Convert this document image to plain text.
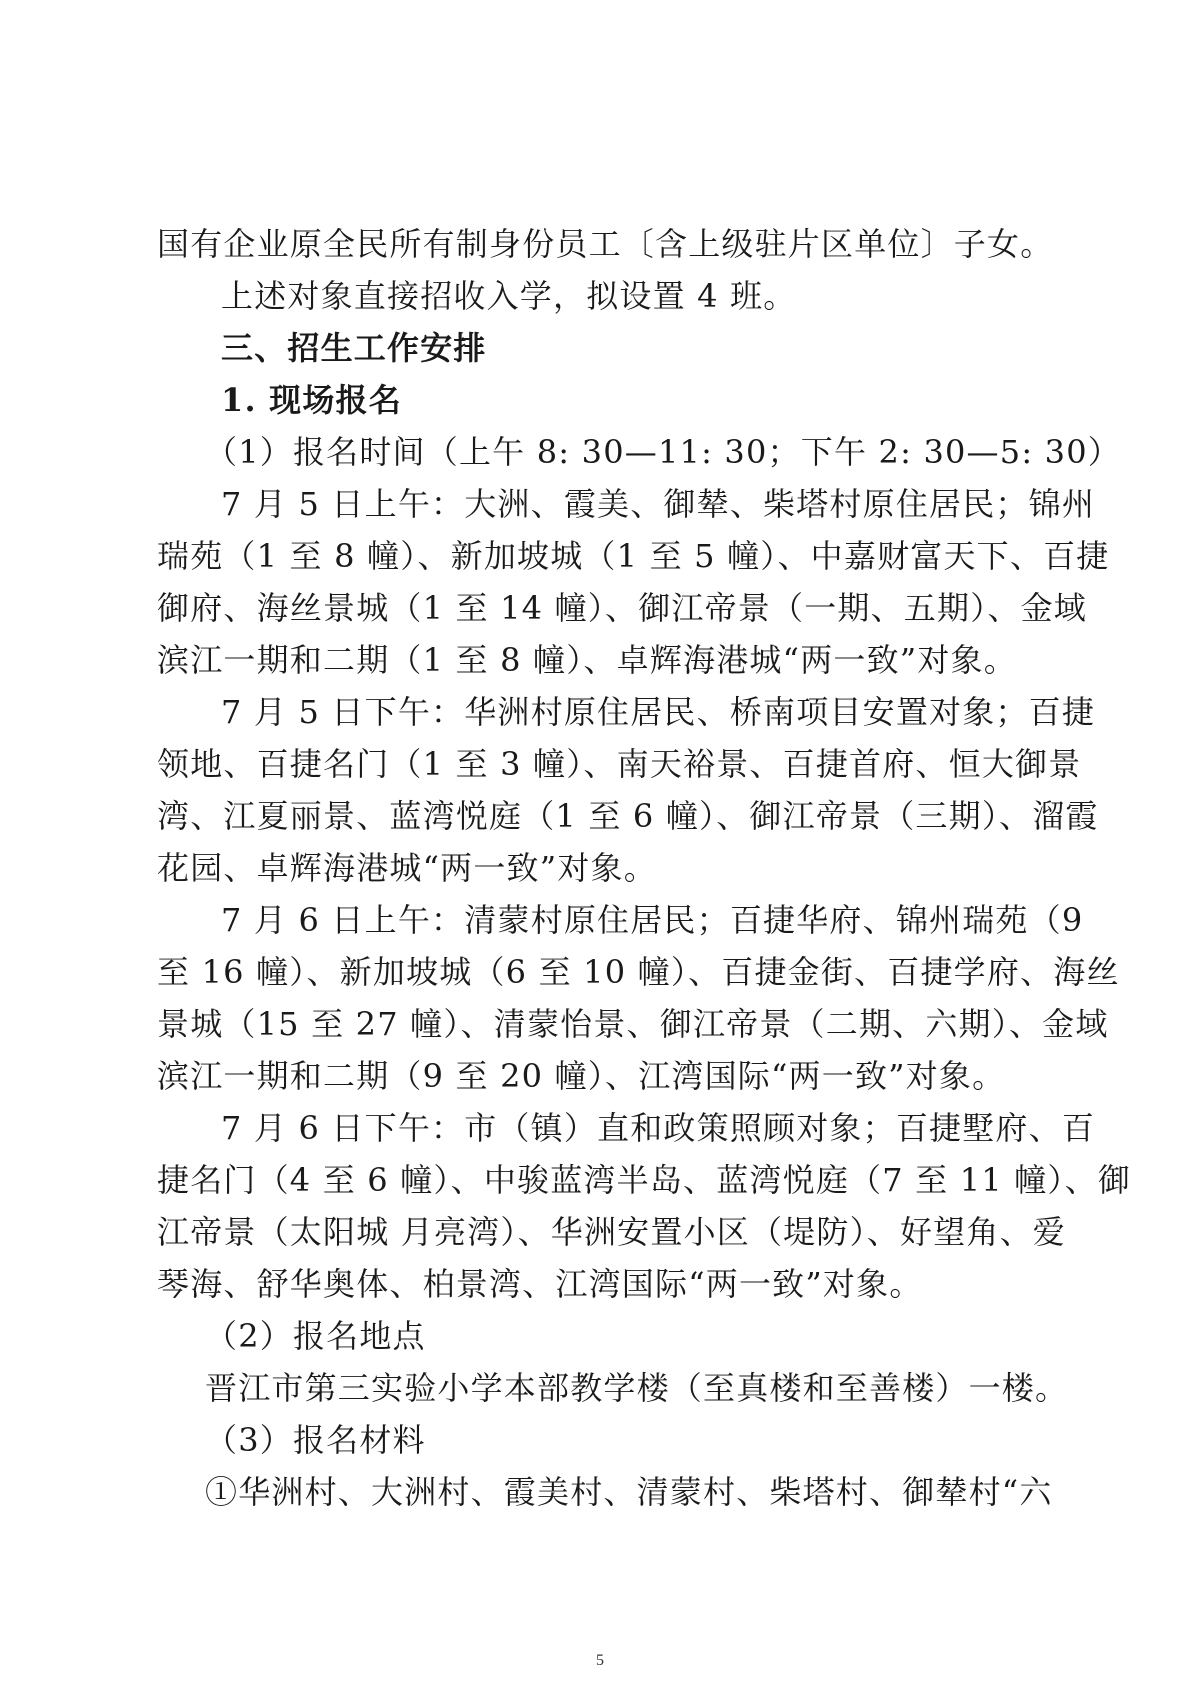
国有企业原全民所有制身份员工〔含上级驻片区单位〕子女。
上述对象直接招收入学，拟设置 4 班。
三、招生工作安排
1. 现场报名
（1）报名时间（上午 8: 30—11: 30；下午 2: 30—5: 30）
7 月 5 日上午：大洲、霞美、御辇、柴塔村原住居民；锦州
瑞苑（1 至 8 幢）、新加坡城（1 至 5 幢）、中嘉财富天下、百捷
御府、海丝景城（1 至 14 幢）、御江帝景（一期、五期）、金域
滨江一期和二期（1 至 8 幢）、卓辉海港城“两一致”对象。
7 月 5 日下午：华洲村原住居民、桥南项目安置对象；百捷
领地、百捷名门（1 至 3 幢）、南天裕景、百捷首府、恒大御景
湾、江夏丽景、蓝湾悦庭（1 至 6 幢）、御江帝景（三期）、溜霞
花园、卓辉海港城“两一致”对象。
7 月 6 日上午：清蒙村原住居民；百捷华府、锦州瑞苑（9
至 16 幢）、新加坡城（6 至 10 幢）、百捷金街、百捷学府、海丝
景城（15 至 27 幢）、清蒙怡景、御江帝景（二期、六期）、金域
滨江一期和二期（9 至 20 幢）、江湾国际“两一致”对象。
7 月 6 日下午：市（镇）直和政策照顾对象；百捷墅府、百
捷名门（4 至 6 幢）、中骏蓝湾半岛、蓝湾悦庭（7 至 11 幢）、御
江帝景（太阳城 月亮湾）、华洲安置小区（堤防）、好望角、爱
琴海、舒华奥体、柏景湾、江湾国际“两一致”对象。
（2）报名地点
晋江市第三实验小学本部教学楼（至真楼和至善楼）一楼。
（3）报名材料
①华洲村、大洲村、霞美村、清蒙村、柴塔村、御辇村“六
5
